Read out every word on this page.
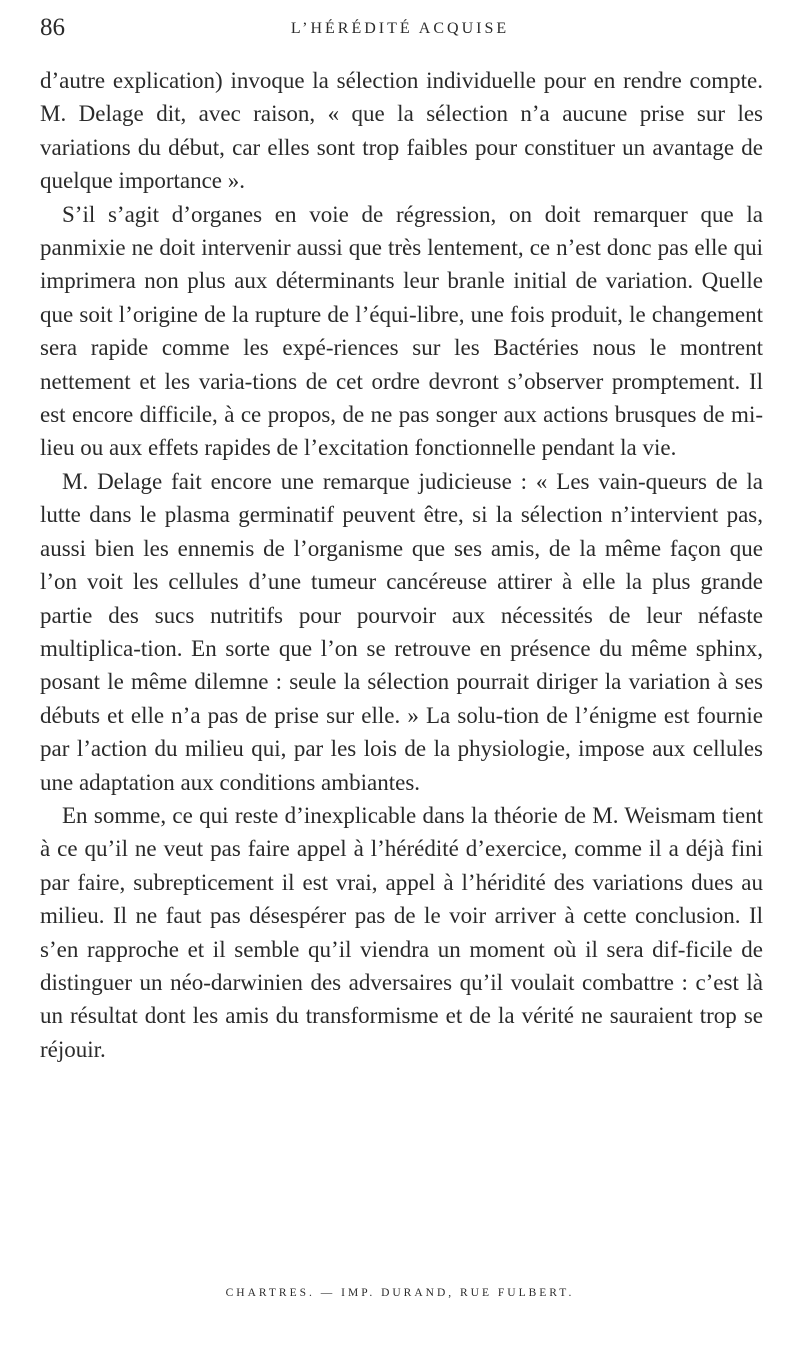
86	L’HÉRÉDITÉ ACQUISE

d’autre explication) invoque la sélection individuelle pour en rendre compte. M. Delage dit, avec raison, « que la sélection n’a aucune prise sur les variations du début, car elles sont trop faibles pour constituer un avantage de quelque importance ».

S’il s’agit d’organes en voie de régression, on doit remarquer que la panmixie ne doit intervenir aussi que très lentement, ce n’est donc pas elle qui imprimera non plus aux déterminants leur branle initial de variation. Quelle que soit l’origine de la rupture de l’équi-libre, une fois produit, le changement sera rapide comme les expé-riences sur les Bactéries nous le montrent nettement et les varia-tions de cet ordre devront s’observer promptement. Il est encore difficile, à ce propos, de ne pas songer aux actions brusques de mi-lieu ou aux effets rapides de l’excitation fonctionnelle pendant la vie.

M. Delage fait encore une remarque judicieuse : « Les vain-queurs de la lutte dans le plasma germinatif peuvent être, si la sélection n’intervient pas, aussi bien les ennemis de l’organisme que ses amis, de la même façon que l’on voit les cellules d’une tumeur cancéreuse attirer à elle la plus grande partie des sucs nutritifs pour pourvoir aux nécessités de leur néfaste multiplica-tion. En sorte que l’on se retrouve en présence du même sphinx, posant le même dilemne : seule la sélection pourrait diriger la variation à ses débuts et elle n’a pas de prise sur elle. » La solu-tion de l’énigme est fournie par l’action du milieu qui, par les lois de la physiologie, impose aux cellules une adaptation aux conditions ambiantes.

En somme, ce qui reste d’inexplicable dans la théorie de M. Weismam tient à ce qu’il ne veut pas faire appel à l’hérédité d’exercice, comme il a déjà fini par faire, subrepticement il est vrai, appel à l’héridité des variations dues au milieu. Il ne faut pas désespérer pas de le voir arriver à cette conclusion. Il s’en rapproche et il semble qu’il viendra un moment où il sera dif-ficile de distinguer un néo-darwinien des adversaires qu’il voulait combattre : c’est là un résultat dont les amis du transformisme et de la vérité ne sauraient trop se réjouir.

CHARTRES. — IMP. DURAND, RUE FULBERT.
